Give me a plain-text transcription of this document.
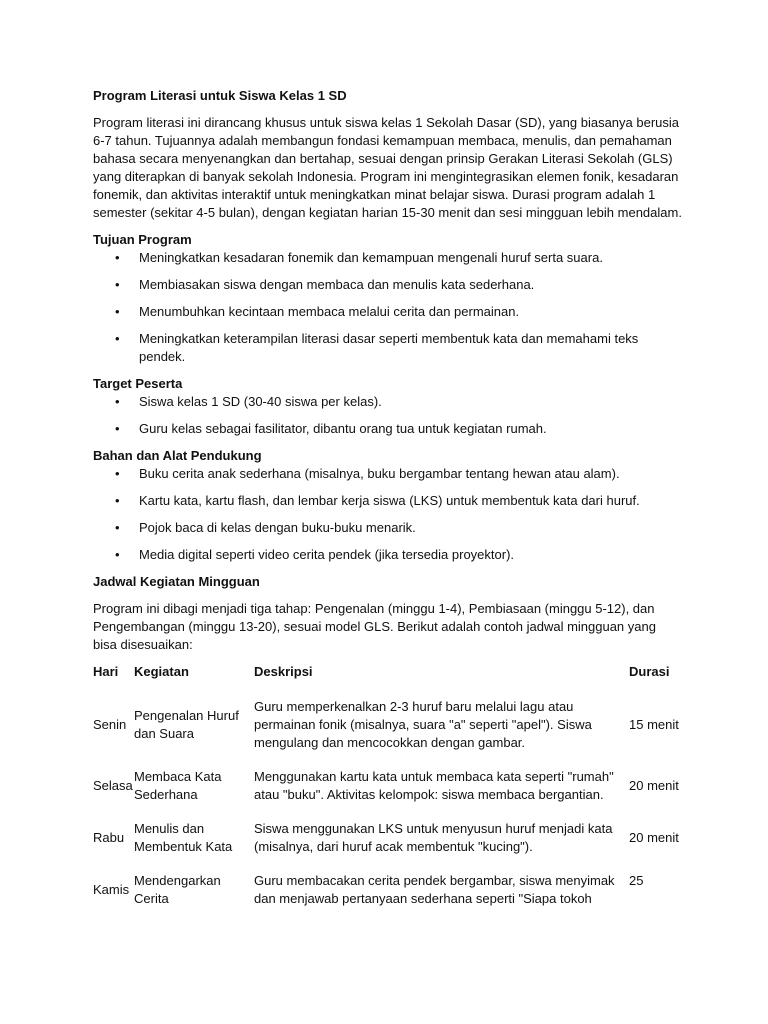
Program Literasi untuk Siswa Kelas 1 SD

Program literasi ini dirancang khusus untuk siswa kelas 1 Sekolah Dasar (SD), yang biasanya berusia 6-7 tahun. Tujuannya adalah membangun fondasi kemampuan membaca, menulis, dan pemahaman bahasa secara menyenangkan dan bertahap, sesuai dengan prinsip Gerakan Literasi Sekolah (GLS) yang diterapkan di banyak sekolah Indonesia. Program ini mengintegrasikan elemen fonik, kesadaran fonemik, dan aktivitas interaktif untuk meningkatkan minat belajar siswa. Durasi program adalah 1 semester (sekitar 4-5 bulan), dengan kegiatan harian 15-30 menit dan sesi mingguan lebih mendalam.

Tujuan Program
• Meningkatkan kesadaran fonemik dan kemampuan mengenali huruf serta suara.
• Membiasakan siswa dengan membaca dan menulis kata sederhana.
• Menumbuhkan kecintaan membaca melalui cerita dan permainan.
• Meningkatkan keterampilan literasi dasar seperti membentuk kata dan memahami teks pendek.
Target Peserta
• Siswa kelas 1 SD (30-40 siswa per kelas).
• Guru kelas sebagai fasilitator, dibantu orang tua untuk kegiatan rumah.
Bahan dan Alat Pendukung
• Buku cerita anak sederhana (misalnya, buku bergambar tentang hewan atau alam).
• Kartu kata, kartu flash, dan lembar kerja siswa (LKS) untuk membentuk kata dari huruf.
• Pojok baca di kelas dengan buku-buku menarik.
• Media digital seperti video cerita pendek (jika tersedia proyektor).
Jadwal Kegiatan Mingguan

Program ini dibagi menjadi tiga tahap: Pengenalan (minggu 1-4), Pembiasaan (minggu 5-12), dan Pengembangan (minggu 13-20), sesuai model GLS. Berikut adalah contoh jadwal mingguan yang bisa disesuaikan:

Hari	Kegiatan	Deskripsi	Durasi
Senin	Pengenalan Huruf dan Suara	Guru memperkenalkan 2-3 huruf baru melalui lagu atau permainan fonik (misalnya, suara "a" seperti "apel"). Siswa mengulang dan mencocokkan dengan gambar.	15 menit
Selasa	Membaca Kata Sederhana	Menggunakan kartu kata untuk membaca kata seperti "rumah" atau "buku". Aktivitas kelompok: siswa membaca bergantian.	20 menit
Rabu	Menulis dan Membentuk Kata	Siswa menggunakan LKS untuk menyusun huruf menjadi kata (misalnya, dari huruf acak membentuk "kucing").	20 menit
Kamis	Mendengarkan Cerita	Guru membacakan cerita pendek bergambar, siswa menyimak dan menjawab pertanyaan sederhana seperti "Siapa tokoh	25
